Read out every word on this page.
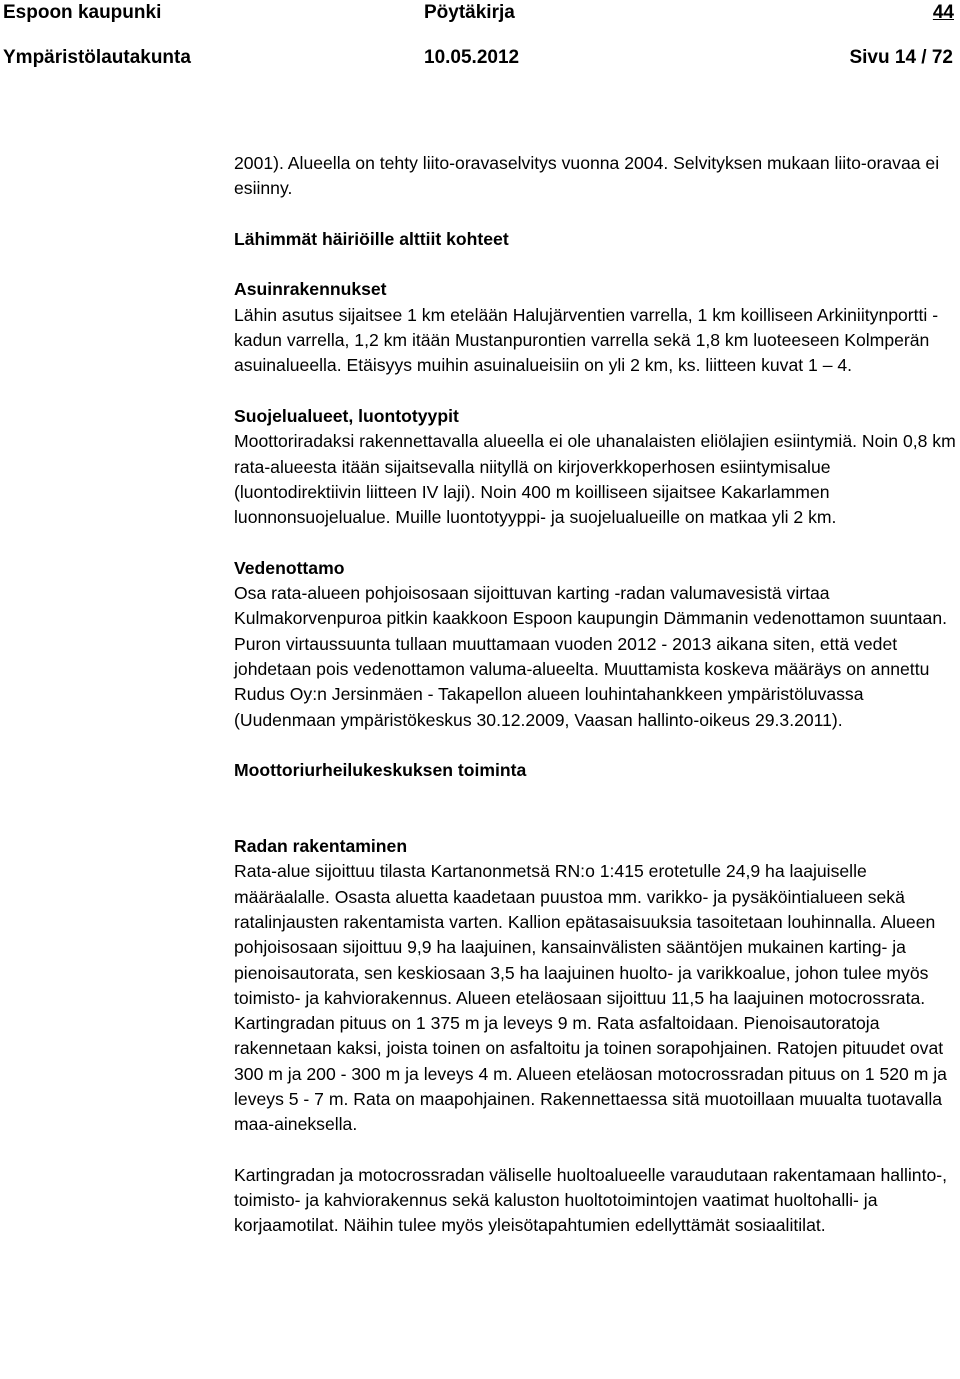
Espoon kaupunki	Pöytäkirja	44
Ympäristölautakunta	10.05.2012	Sivu 14 / 72

2001). Alueella on tehty liito-oravaselvitys vuonna 2004. Selvityksen mukaan liito-oravaa ei esiinny.

Lähimmät häiriöille alttiit kohteet

Asuinrakennukset

Lähin asutus sijaitsee 1 km etelään Halujärventien varrella, 1 km koilliseen Arkiniitynportti -kadun varrella, 1,2 km itään Mustanpurontien varrella sekä 1,8 km luoteeseen Kolmperän asuinalueella. Etäisyys muihin asuinalueisiin on yli 2 km, ks. liitteen kuvat 1 – 4.

Suojelualueet, luontotyypit

Moottoriradaksi rakennettavalla alueella ei ole uhanalaisten eliölajien esiintymiä. Noin 0,8 km rata-alueesta itään sijaitsevalla niityllä on kirjoverkkoperhosen esiintymisalue (luontodirektiivin liitteen IV laji). Noin 400 m koilliseen sijaitsee Kakarlammen luonnonsuojelualue. Muille luontotyyppi- ja suojelualueille on matkaa yli 2 km.

Vedenottamo

Osa rata-alueen pohjoisosaan sijoittuvan karting -radan valumavesistä virtaa Kulmakorvenpuroa pitkin kaakkoon Espoon kaupungin Dämmanin vedenottamon suuntaan. Puron virtaussuunta tullaan muuttamaan vuoden 2012 - 2013 aikana siten, että vedet johdetaan pois vedenottamon valuma-alueelta. Muuttamista koskeva määräys on annettu Rudus Oy:n Jersinmäen - Takapellon alueen louhintahankkeen ympäristöluvassa (Uudenmaan ympäristökeskus 30.12.2009, Vaasan hallinto-oikeus 29.3.2011).

Moottoriurheilukeskuksen toiminta

Radan rakentaminen

Rata-alue sijoittuu tilasta Kartanonmetsä RN:o 1:415 erotetulle 24,9 ha laajuiselle määräalalle. Osasta aluetta kaadetaan puustoa mm. varikko- ja pysäköintialueen sekä ratalinjausten rakentamista varten. Kallion epätasaisuuksia tasoitetaan louhinnalla. Alueen pohjoisosaan sijoittuu 9,9 ha laajuinen, kansainvälisten sääntöjen mukainen karting- ja pienoisautorata, sen keskiosaan 3,5 ha laajuinen huolto- ja varikkoalue, johon tulee myös toimisto- ja kahviorakennus. Alueen eteläosaan sijoittuu 11,5 ha laajuinen motocrossrata. Kartingradan pituus on 1 375 m ja leveys 9 m. Rata asfaltoidaan. Pienoisautoratoja rakennetaan kaksi, joista toinen on asfaltoitu ja toinen sorapohjainen. Ratojen pituudet ovat 300 m ja 200 - 300 m ja leveys 4 m. Alueen eteläosan motocrossradan pituus on 1 520 m ja leveys 5 - 7 m. Rata on maapohjainen. Rakennettaessa sitä muotoillaan muualta tuotavalla maa-aineksella.

Kartingradan ja motocrossradan väliselle huoltoalueelle varaudutaan rakentamaan hallinto-, toimisto- ja kahviorakennus sekä kaluston huoltotoimintojen vaatimat huoltohalli- ja korjaamotilat. Näihin tulee myös yleisötapahtumien edellyttämät sosiaalitilat.
